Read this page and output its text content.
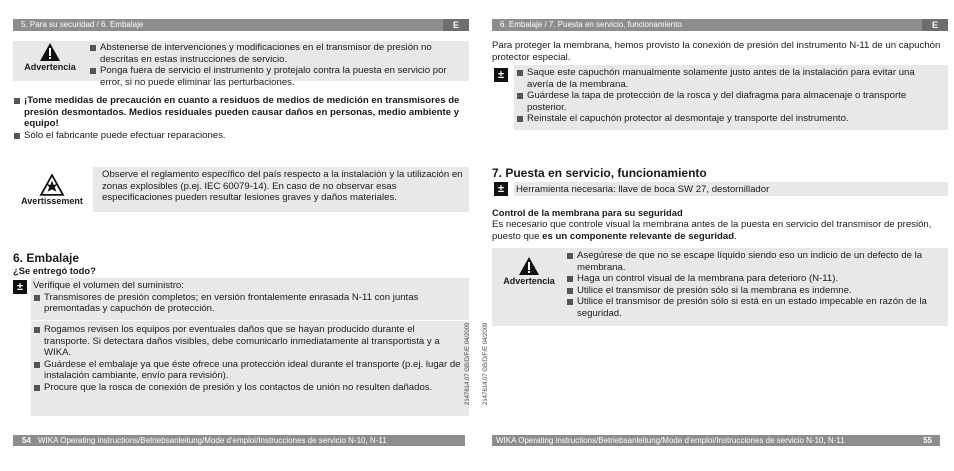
5. Para su securidad / 6. Embalaje	E
Advertencia
Abstenerse de intervenciones y modificaciones en el transmisor de presión no descritas en estas instrucciones de servicio.
Ponga fuera de servicio el instrumento y protejalo contra la puesta en servicio por error, si no puede eliminar las perturbaciones.
¡Tome medidas de precaución en cuanto a residuos de medios de medición en transmisores de presión desmontados. Medios residuales pueden causar daños en personas, medio ambiente y equipo!
Sólo el fabricante puede efectuar reparaciones.
Avertissement
Observe el reglamento específico del país respecto a la instalación y la utilización en zonas explosibles (p.ej. IEC 60079-14). En caso de no observar esas especificaciones pueden resultar lesiones graves y daños materiales.
6. Embalaje
¿Se entregó todo?
±	Verifique el volumen del suministro:
Transmisores de presión completos; en versión frontalemente enrasada N-11 con juntas premontadas y capuchón de protección.
Rogamos revisen los equipos por eventuales daños que se hayan producido durante el transporte. Si detectara daños visibles, debe comunicarlo inmediatamente al transportista y a WIKA.
Guárdese el embalaje ya que éste ofrece una protección ideal durante el transporte (p.ej. lugar de instalación cambiante, envío para revisión).
Procure que la rosca de conexión de presión y los contactos de unión no resulten dañados.
54 WIKA Operating instructions/Betriebsanleitung/Mode d'emploi/Instrucciones de servicio N-10, N-11
2147614.07 GB/D/F/E 04/2009 2147614.07 GB/D/F/E 04/2009
6. Embalaje / 7. Puesta en servicio, funcionamiento	E
Para proteger la membrana, hemos provisto la conexión de presión del instrumento N-11 de un capuchón protector especial.
±	Saque este capuchón manualmente solamente justo antes de la instalación para evitar una avería de la membrana.
Guárdese la tapa de protección de la rosca y del diafragma para almacenaje o transporte posterior.
Reinstale el capuchón protector al desmontaje y transporte del instrumento.
7. Puesta en servicio, funcionamiento
±	Herramienta necesaria: llave de boca SW 27, destornillador
Control de la membrana para su seguridad
Es necesario que controle visual la membrana antes de la puesta en servicio del transmisor de presión, puesto que es un componente relevante de seguridad.
Advertencia
Asegúrese de que no se escape líquido siendo eso un indicio de un defecto de la membrana.
Haga un control visual de la membrana para deterioro (N-11).
Utilice el transmisor de presión sólo si la membrana es indemne.
Utilice el transmisor de presión sólo si está en un estado impecable en razón de la seguridad.
WIKA Operating instructions/Betriebsanleitung/Mode d'emploi/Instrucciones de servicio N-10, N-11	55
